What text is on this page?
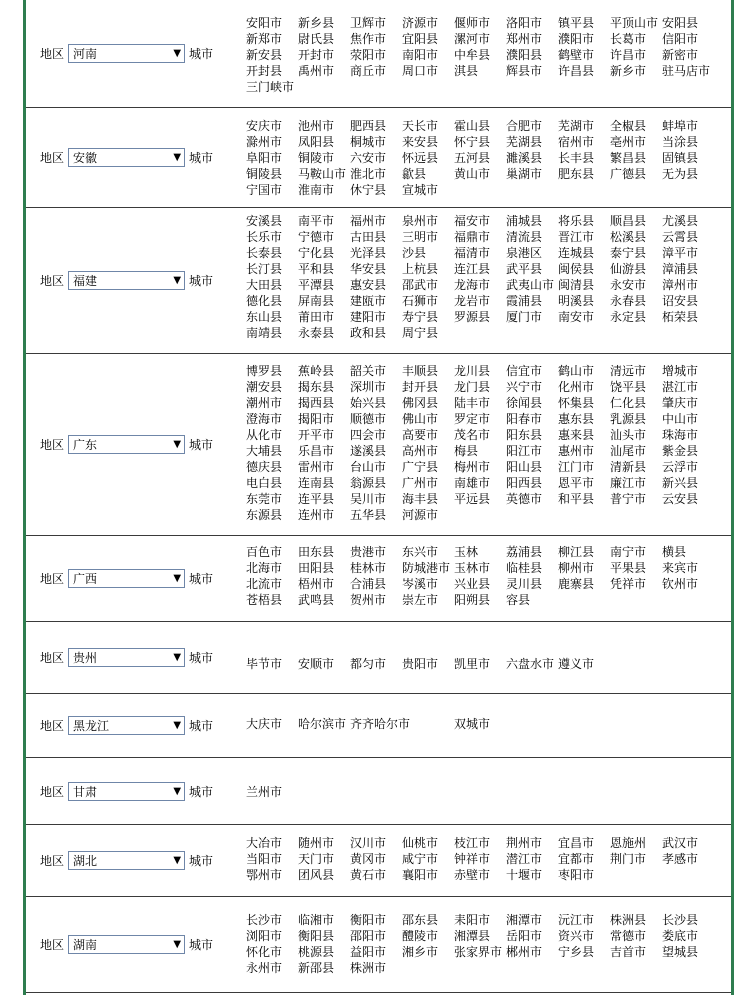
地区 河南	▼ 城市
安阳市	新乡县	卫辉市	济源市	偃师市	洛阳市	镇平县	平顶山市 安阳县
新郑市	尉氏县	焦作市	宜阳县	漯河市	郑州市	濮阳市	长葛市	信阳市
新安县	开封市	荥阳市	南阳市	中牟县	濮阳县	鹤壁市	许昌市	新密市
开封县	禹州市	商丘市	周口市	淇县	辉县市	许昌县	新乡市	驻马店市
三门峡市
地区 安徽	▼ 城市
安庆市	池州市	肥西县	天长市	霍山县	合肥市	芜湖市	全椒县	蚌埠市
滁州市	凤阳县	桐城市	来安县	怀宁县	芜湖县	宿州市	亳州市	当涂县
阜阳市	铜陵市	六安市	怀远县	五河县	濉溪县	长丰县	繁昌县	固镇县
铜陵县	马鞍山市 淮北市	歙县	黄山市	巢湖市	肥东县	广德县	无为县
宁国市	淮南市	休宁县	宣城市
地区 福建	▼ 城市
安溪县	南平市	福州市	泉州市	福安市	浦城县	将乐县	顺昌县	尤溪县
长乐市	宁德市	古田县	三明市	福鼎市	清流县	晋江市	松溪县	云霄县
长泰县	宁化县	光泽县	沙县	福清市	泉港区	连城县	泰宁县	漳平市
长汀县	平和县	华安县	上杭县	连江县	武平县	闽侯县	仙游县	漳浦县
大田县	平潭县	惠安县	邵武市	龙海市	武夷山市 闽清县	永安市	漳州市
德化县	屏南县	建瓯市	石狮市	龙岩市	霞浦县	明溪县	永春县	诏安县
东山县	莆田市	建阳市	寿宁县	罗源县	厦门市	南安市	永定县	柘荣县
南靖县	永泰县	政和县	周宁县
地区 广东	▼ 城市
博罗县	蕉岭县	韶关市	丰顺县	龙川县	信宜市	鹤山市	清远市	增城市
潮安县	揭东县	深圳市	封开县	龙门县	兴宁市	化州市	饶平县	湛江市
潮州市	揭西县	始兴县	佛冈县	陆丰市	徐闻县	怀集县	仁化县	肇庆市
澄海市	揭阳市	顺德市	佛山市	罗定市	阳春市	惠东县	乳源县	中山市
从化市	开平市	四会市	高要市	茂名市	阳东县	惠来县	汕头市	珠海市
大埔县	乐昌市	遂溪县	高州市	梅县	阳江市	惠州市	汕尾市	紫金县
德庆县	雷州市	台山市	广宁县	梅州市	阳山县	江门市	清新县	云浮市
电白县	连南县	翁源县	广州市	南雄市	阳西县	恩平市	廉江市	新兴县
东莞市	连平县	吴川市	海丰县	平远县	英德市	和平县	普宁市	云安县
东源县	连州市	五华县	河源市
地区 广西	▼ 城市
百色市	田东县	贵港市	东兴市	玉林	荔浦县	柳江县	南宁市	横县
北海市	田阳县	桂林市	防城港市 玉林市	临桂县	柳州市	平果县	来宾市
北流市	梧州市	合浦县	岑溪市	兴业县	灵川县	鹿寨县	凭祥市	钦州市
苍梧县	武鸣县	贺州市	崇左市	阳朔县	容县
地区 贵州	▼ 城市	毕节市	安顺市	都匀市	贵阳市	凯里市	六盘水市 遵义市
地区 黑龙江	▼ 城市	大庆市	哈尔滨市 齐齐哈尔市	双城市
地区 甘肃	▼ 城市	兰州市
地区 湖北	▼ 城市
大冶市	随州市	汉川市	仙桃市	枝江市	荆州市	宜昌市	恩施州	武汉市
当阳市	天门市	黄冈市	咸宁市	钟祥市	潜江市	宜都市	荆门市	孝感市
鄂州市	团风县	黄石市	襄阳市	赤壁市	十堰市	枣阳市
地区 湖南	▼ 城市
长沙市	临湘市	衡阳市	邵东县	耒阳市	湘潭市	沅江市	株洲县	长沙县
浏阳市	衡阳县	邵阳市	醴陵市	湘潭县	岳阳市	资兴市	常德市	娄底市
怀化市	桃源县	益阳市	湘乡市	张家界市 郴州市	宁乡县	吉首市	望城县
永州市	新邵县	株洲市
